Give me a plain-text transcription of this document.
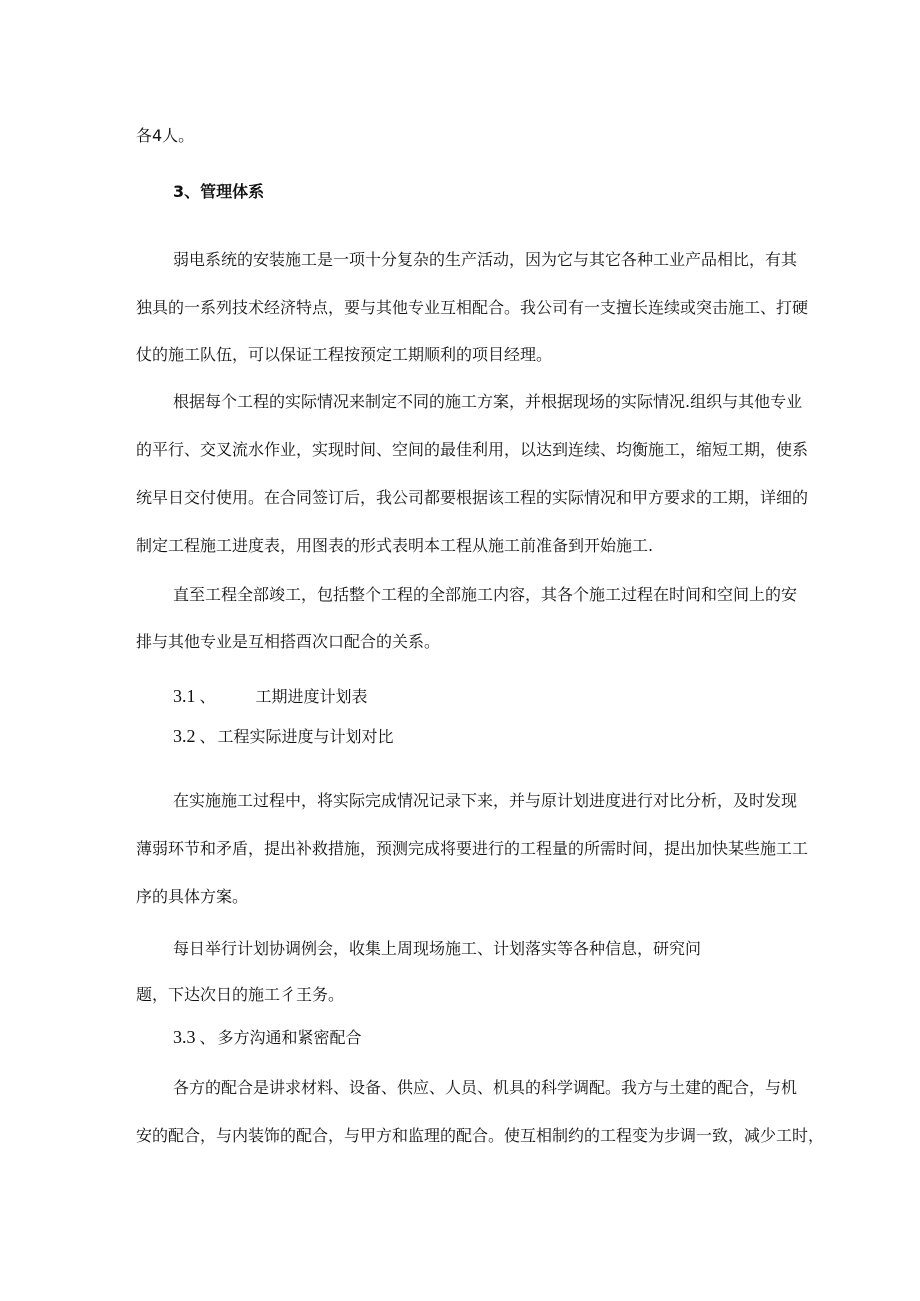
各4人。
3、管理体系
弱电系统的安装施工是一项十分复杂的生产活动，因为它与其它各种工业产品相比，有其
独具的一系列技术经济特点，要与其他专业互相配合。我公司有一支擅长连续或突击施工、打硬
仗的施工队伍，可以保证工程按预定工期顺利的项目经理。
根据每个工程的实际情况来制定不同的施工方案，并根据现场的实际情况.组织与其他专业
的平行、交叉流水作业，实现时间、空间的最佳利用，以达到连续、均衡施工，缩短工期，使系
统早日交付使用。在合同签订后，我公司都要根据该工程的实际情况和甲方要求的工期，详细的
制定工程施工进度表，用图表的形式表明本工程从施工前准备到开始施工.
直至工程全部竣工，包括整个工程的全部施工内容，其各个施工过程在时间和空间上的安
排与其他专业是互相搭酉次口配合的关系。
3.1 、	工期进度计划表
3.2 、 工程实际进度与计划对比
在实施施工过程中，将实际完成情况记录下来，并与原计划进度进行对比分析，及时发现
薄弱环节和矛盾，提出补救措施，预测完成将要进行的工程量的所需时间，提出加快某些施工工
序的具体方案。
每日举行计划协调例会，收集上周现场施工、计划落实等各种信息，研究问
题，下达次日的施工彳王务。
3.3 、 多方沟通和紧密配合
各方的配合是讲求材料、设备、供应、人员、机具的科学调配。我方与土建的配合，与机
安的配合，与内装饰的配合，与甲方和监理的配合。使互相制约的工程变为步调一致，减少工时，
